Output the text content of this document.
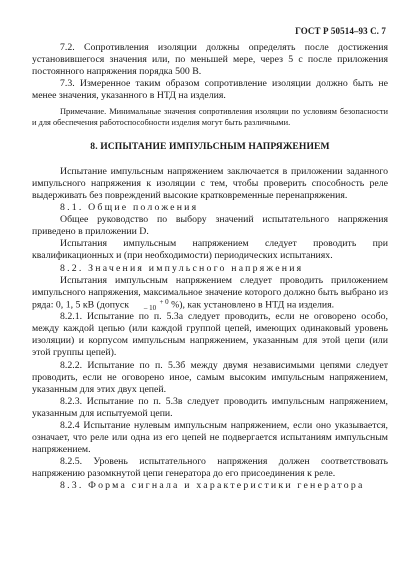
ГОСТ Р 50514–93 С. 7

7.2. Сопротивления изоляции должны определять после достижения установившегося значения или, по меньшей мере, через 5 с после приложения постоянного напряжения порядка 500 В.

7.3. Измеренное таким образом сопротивление изоляции должно быть не менее значения, указанного в НТД на изделия.

Примечание. Минимальные значения сопротивления изоляции по условиям безопасности и для обеспечения работоспособности изделия могут быть различными.

8. ИСПЫТАНИЕ ИМПУЛЬСНЫМ НАПРЯЖЕНИЕМ

Испытание импульсным напряжением заключается в приложении заданного импульсного напряжения к изоляции с тем, чтобы проверить способность реле выдерживать без повреждений высокие кратковременные перенапряжения.

8.1. Общие положения

Общее руководство по выбору значений испытательного напряжения приведено в приложении D.

Испытания импульсным напряжением следует проводить при квалификационных и (при необходимости) периодических испытаниях.

8.2. Значения импульсного напряжения

Испытания импульсным напряжением следует проводить приложением импульсного напряжения, максимальное значение которого должно быть выбрано из ряда: 0, 1, 5 кВ (допуск	+ 0
– 10 %), как установлено в НТД на изделия.

8.2.1. Испытание по п. 5.3а следует проводить, если не оговорено особо, между каждой цепью (или каждой группой цепей, имеющих одинаковый уровень изоляции) и корпусом импульсным напряжением, указанным для этой цепи (или этой группы цепей).

8.2.2. Испытание по п. 5.3б между двумя независимыми цепями следует проводить, если не оговорено иное, самым высоким импульсным напряжением, указанным для этих двух цепей.

8.2.3. Испытание по п. 5.3в следует проводить импульсным напряжением, указанным для испытуемой цепи.

8.2.4 Испытание нулевым импульсным напряжением, если оно указывается, означает, что реле или одна из его цепей не подвергается испытаниям импульсным напряжением.

8.2.5. Уровень испытательного напряжения должен соответствовать напряжению разомкнутой цепи генератора до его присоединения к реле.

8.3. Форма сигнала и характеристики генератора
